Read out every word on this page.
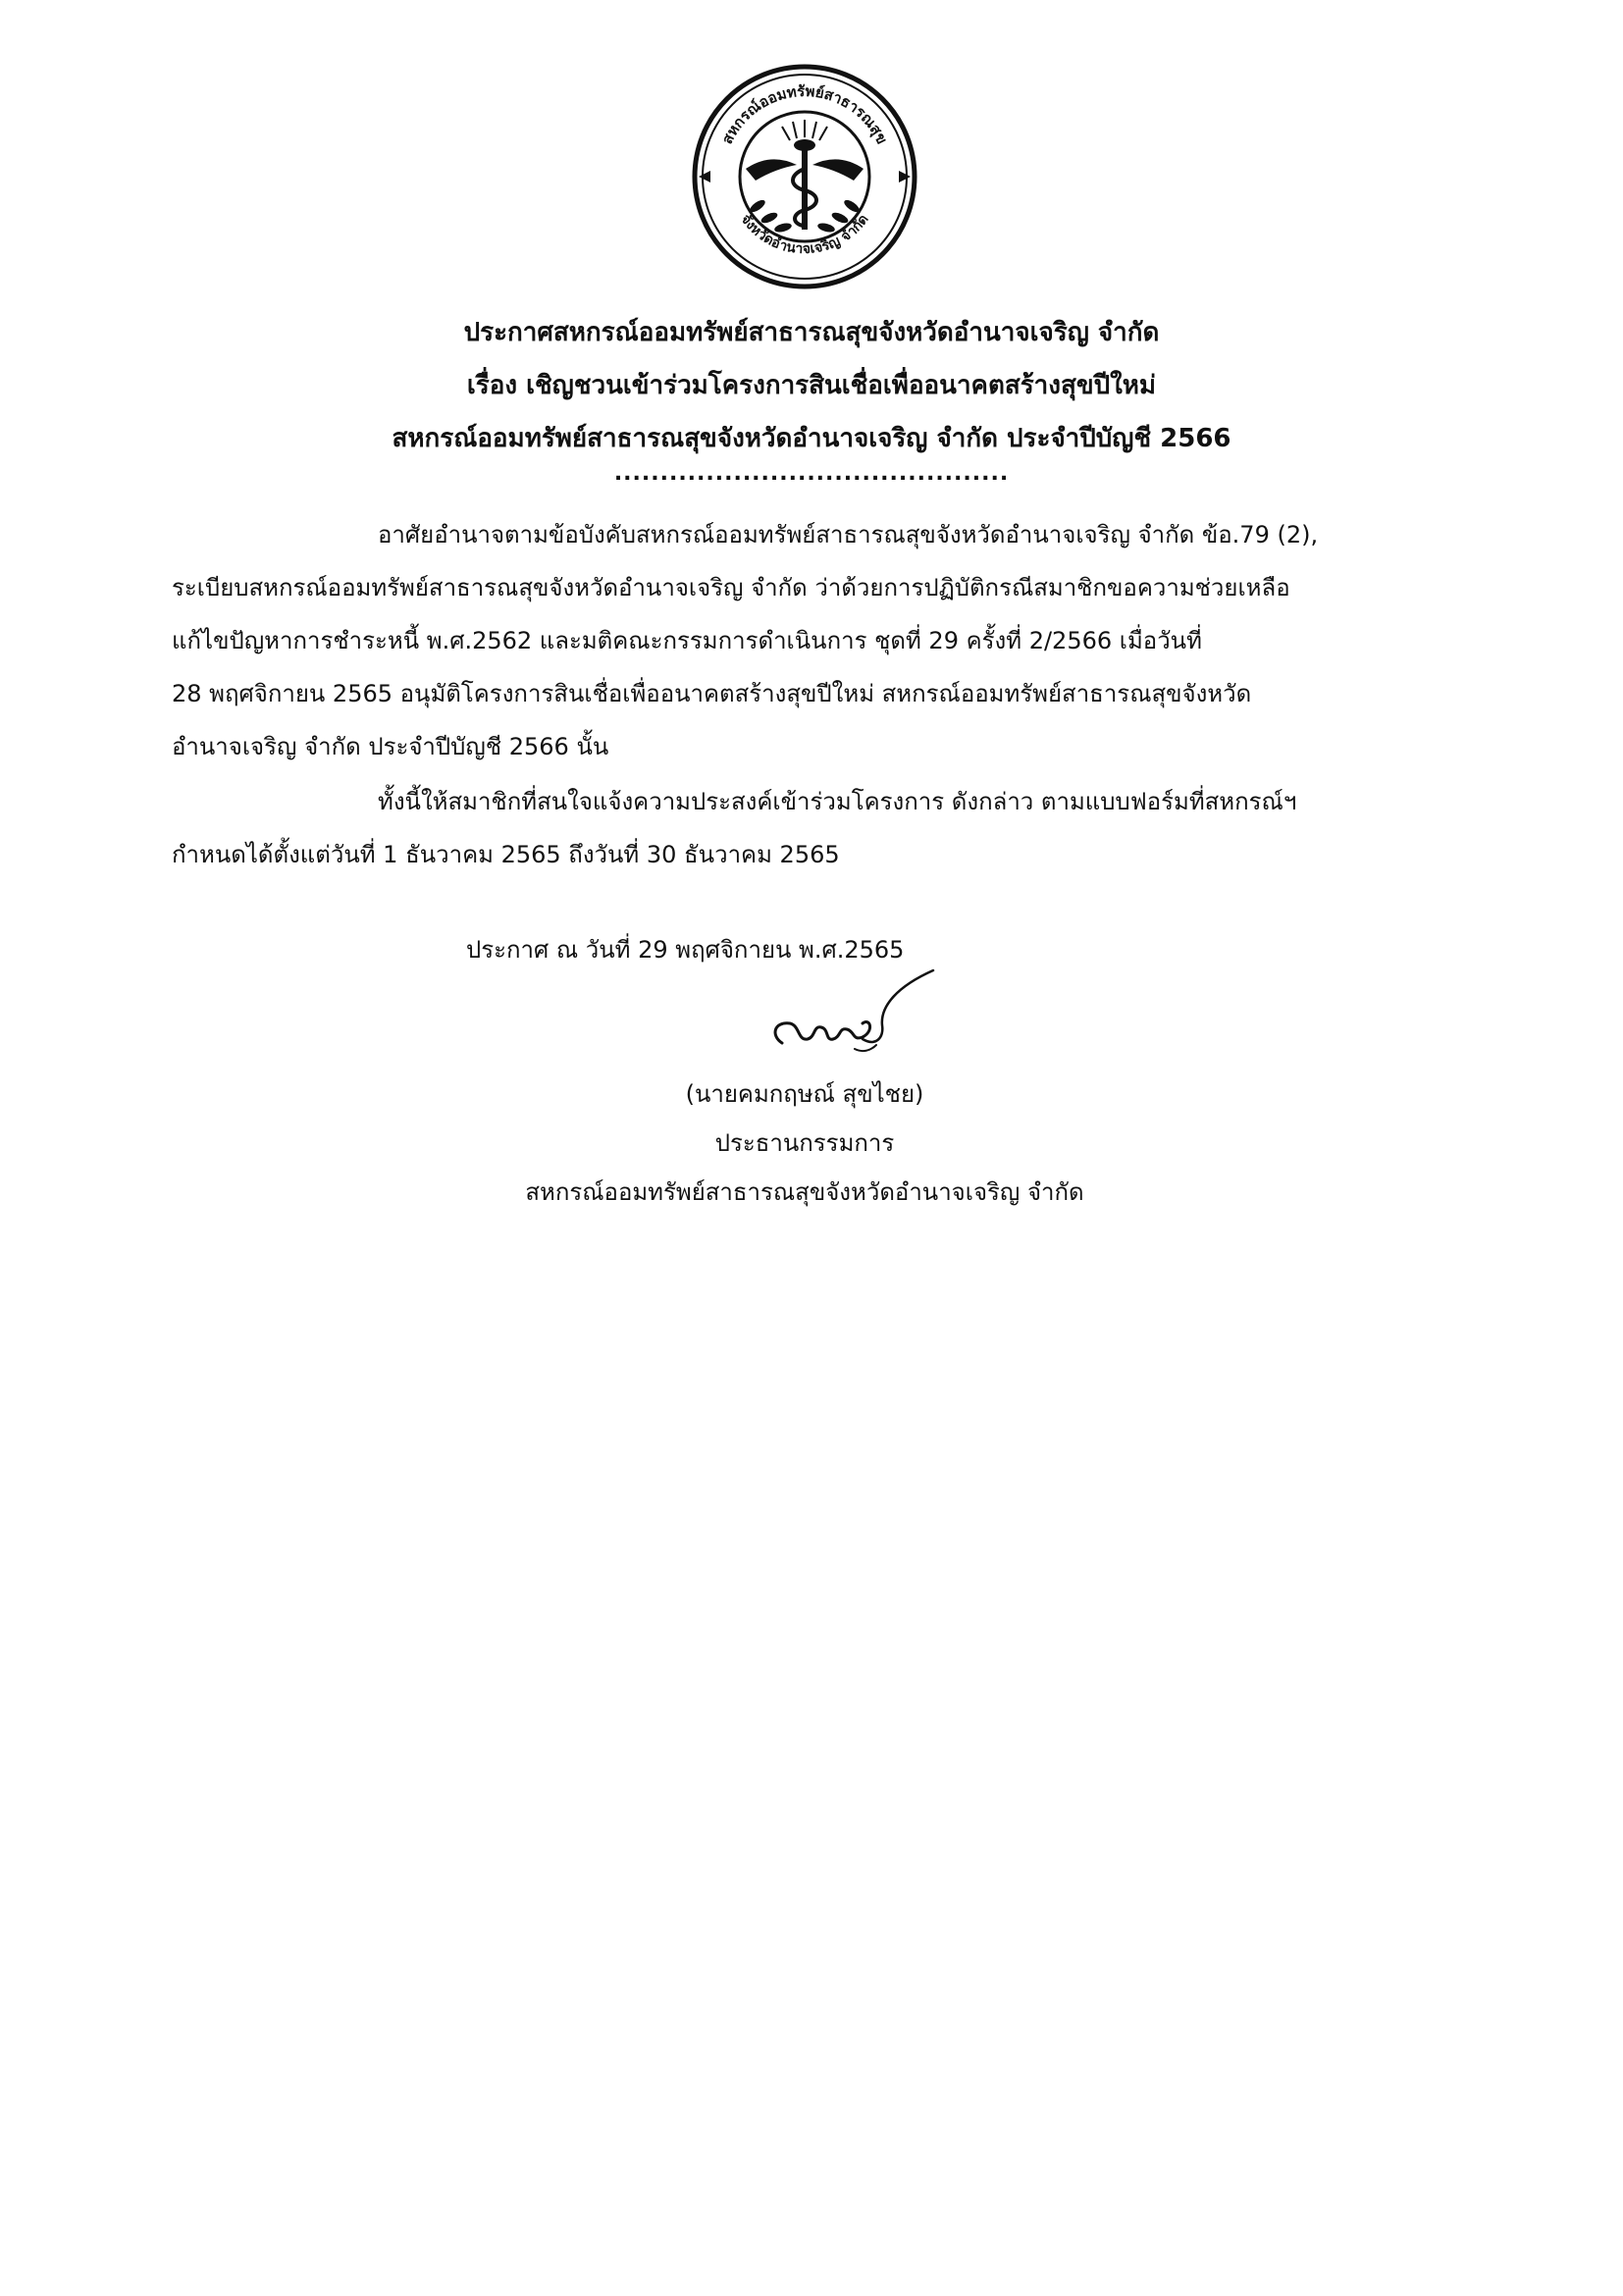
สหกรณ์ออมทรัพย์สาธารณสุข
จังหวัดอำนาจเจริญ จำกัด
ประกาศสหกรณ์ออมทรัพย์สาธารณสุขจังหวัดอำนาจเจริญ จำกัด
เรื่อง เชิญชวนเข้าร่วมโครงการสินเชื่อเพื่ออนาคตสร้างสุขปีใหม่
สหกรณ์ออมทรัพย์สาธารณสุขจังหวัดอำนาจเจริญ จำกัด ประจำปีบัญชี 2566
...........................................
อาศัยอำนาจตามข้อบังคับสหกรณ์ออมทรัพย์สาธารณสุขจังหวัดอำนาจเจริญ จำกัด ข้อ.79 (2),
ระเบียบสหกรณ์ออมทรัพย์สาธารณสุขจังหวัดอำนาจเจริญ จำกัด ว่าด้วยการปฏิบัติกรณีสมาชิกขอความช่วยเหลือ
แก้ไขปัญหาการชำระหนี้ พ.ศ.2562 และมติคณะกรรมการดำเนินการ ชุดที่ 29 ครั้งที่ 2/2566 เมื่อวันที่
28 พฤศจิกายน 2565 อนุมัติโครงการสินเชื่อเพื่ออนาคตสร้างสุขปีใหม่ สหกรณ์ออมทรัพย์สาธารณสุขจังหวัด
อำนาจเจริญ จำกัด ประจำปีบัญชี 2566 นั้น
ทั้งนี้ให้สมาชิกที่สนใจแจ้งความประสงค์เข้าร่วมโครงการ ดังกล่าว ตามแบบฟอร์มที่สหกรณ์ฯ
กำหนดได้ตั้งแต่วันที่ 1 ธันวาคม 2565 ถึงวันที่ 30 ธันวาคม 2565
ประกาศ ณ วันที่ 29 พฤศจิกายน พ.ศ.2565
(นายคมกฤษณ์ สุขไชย)
ประธานกรรมการ
สหกรณ์ออมทรัพย์สาธารณสุขจังหวัดอำนาจเจริญ จำกัด
